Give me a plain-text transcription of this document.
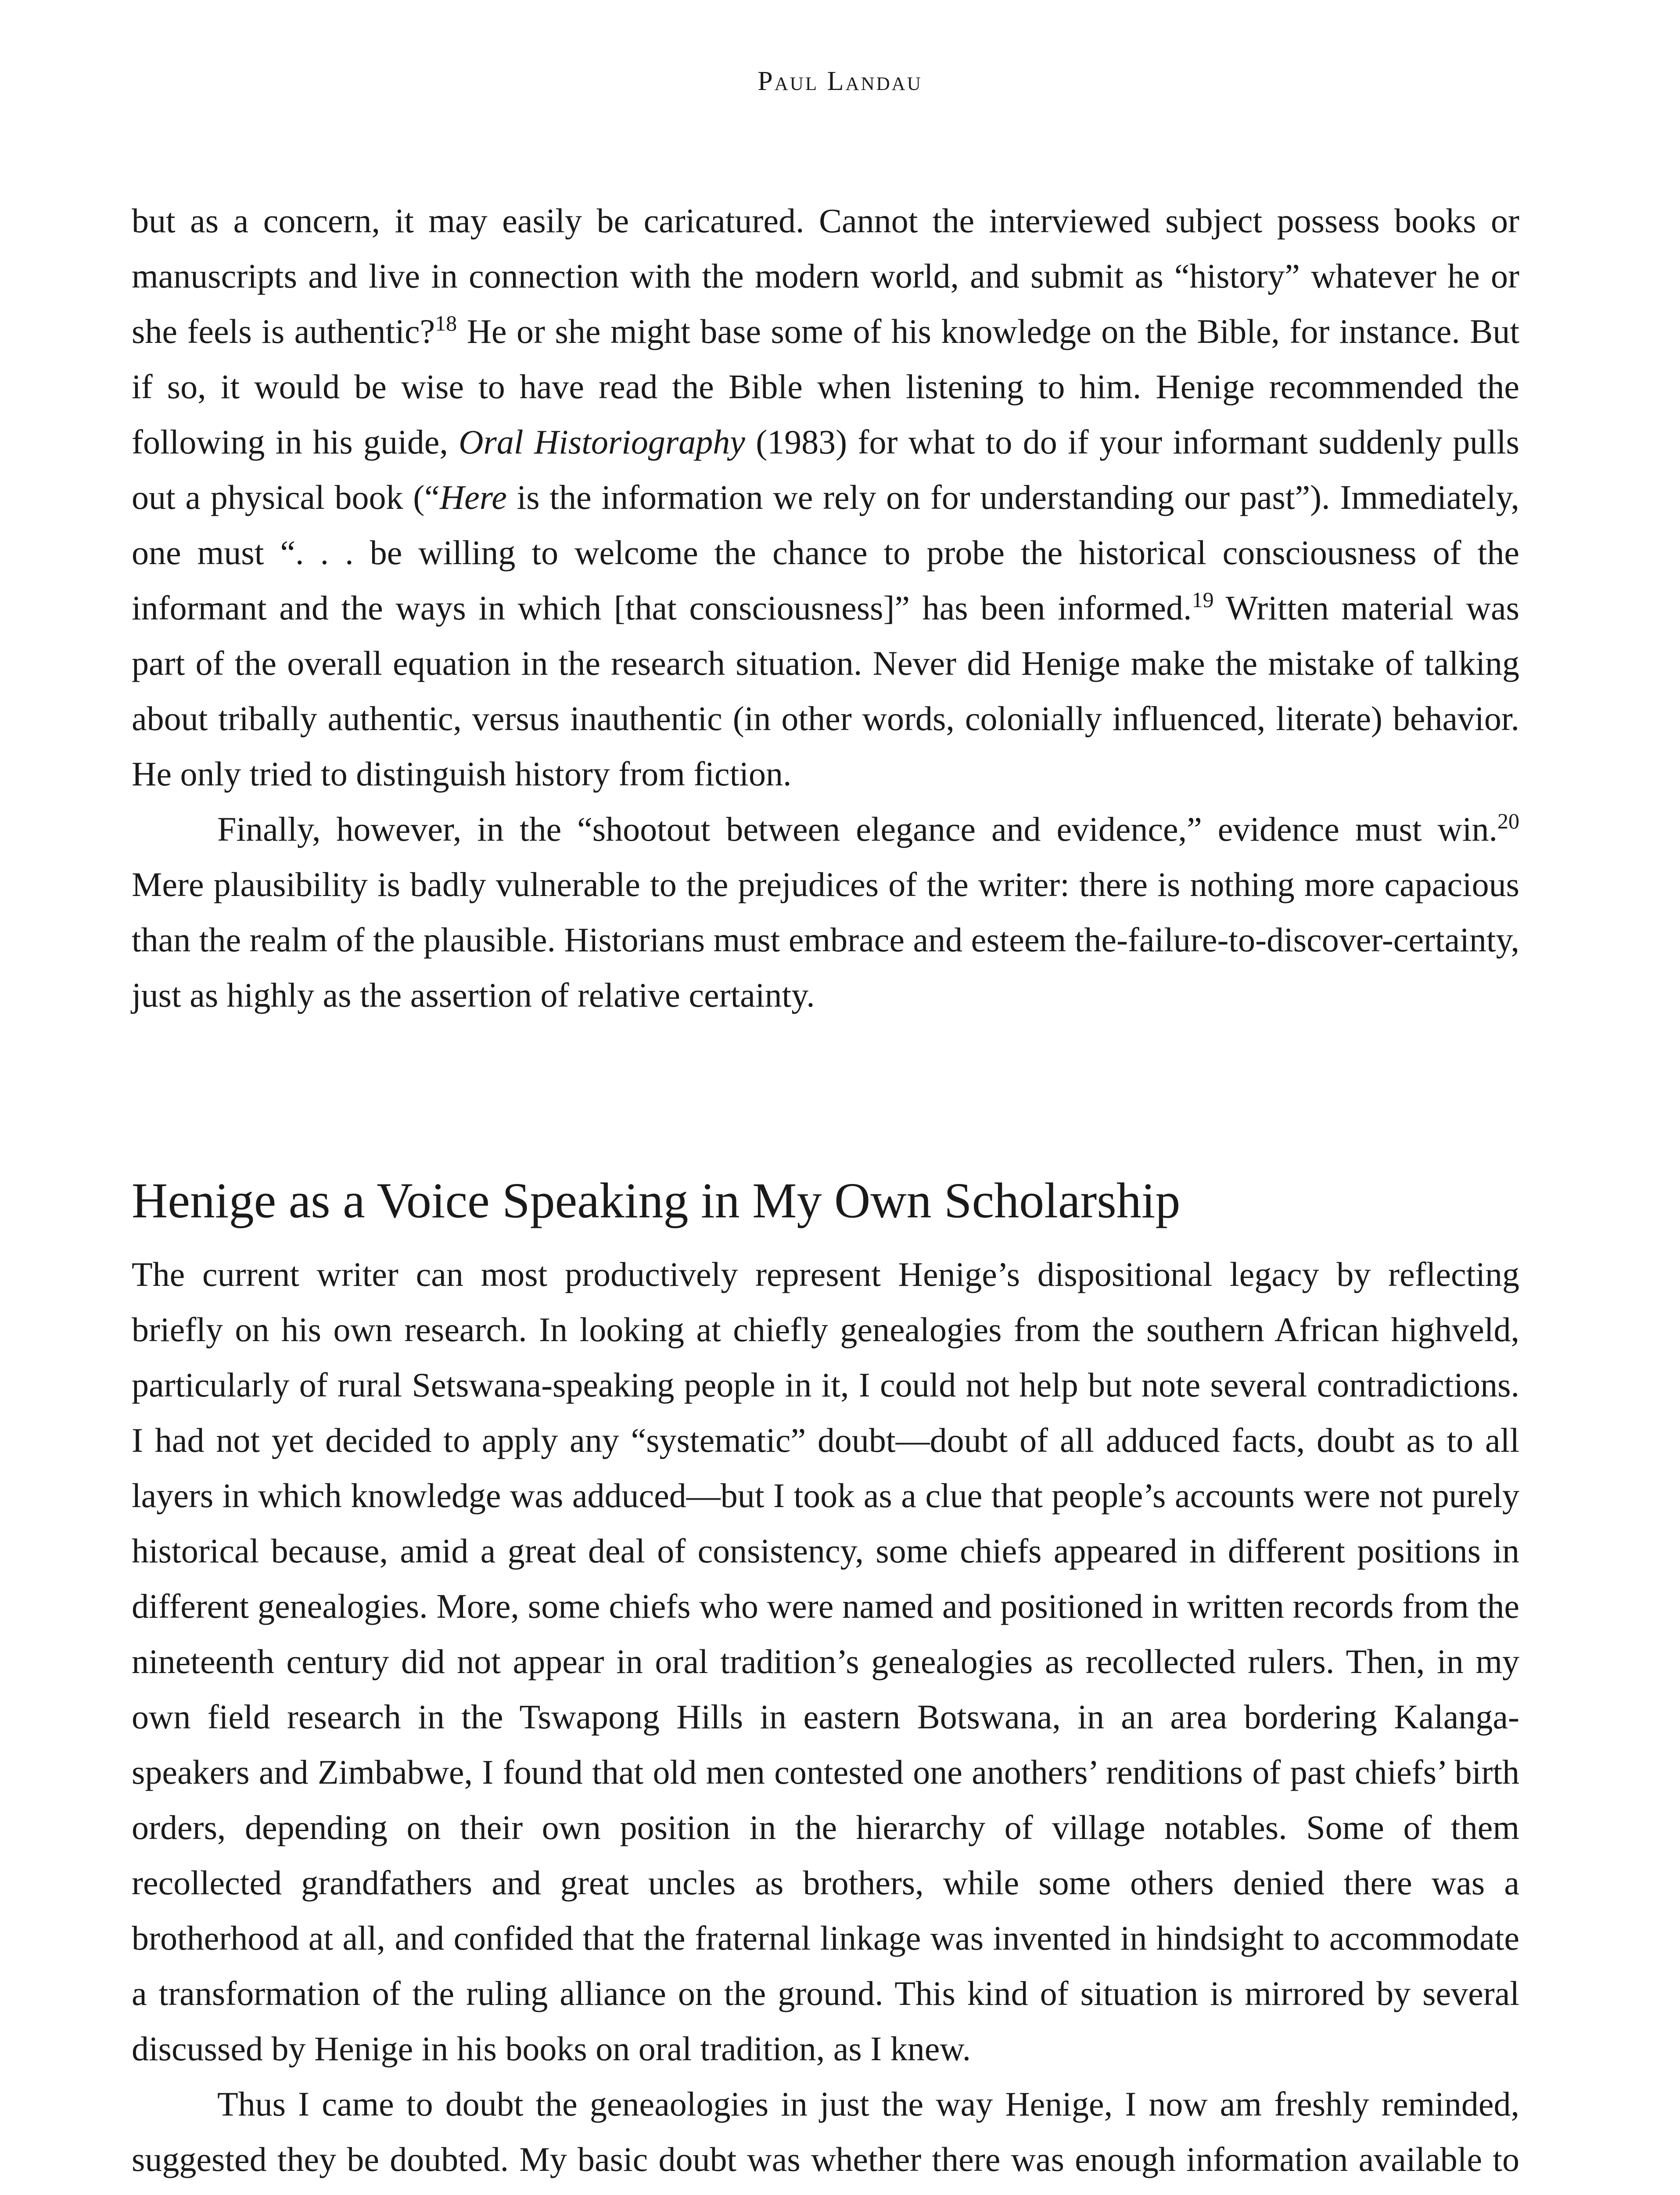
Paul Landau

but as a concern, it may easily be caricatured. Cannot the interviewed subject possess books or manuscripts and live in connection with the modern world, and submit as “history” whatever he or she feels is authentic?$^{18}$ He or she might base some of his knowledge on the Bible, for instance. But if so, it would be wise to have read the Bible when listening to him. Henige recommended the following in his guide, Oral Historiography (1983) for what to do if your informant suddenly pulls out a physical book (“Here is the information we rely on for understanding our past”). Immediately, one must “. . . be willing to welcome the chance to probe the historical consciousness of the informant and the ways in which [that consciousness]” has been informed.$^{19}$ Written material was part of the overall equation in the research situation. Never did Henige make the mistake of talking about tribally authentic, versus inauthentic (in other words, colonially influenced, literate) behavior. He only tried to distinguish history from fiction.

Finally, however, in the “shootout between elegance and evidence,” evidence must win.$^{20}$ Mere plausibility is badly vulnerable to the prejudices of the writer: there is nothing more capacious than the realm of the plausible. Historians must embrace and esteem the-failure-to-discover-certainty, just as highly as the assertion of relative certainty.

Henige as a Voice Speaking in My Own Scholarship

The current writer can most productively represent Henige’s dispositional legacy by reflecting briefly on his own research. In looking at chiefly genealogies from the southern African highveld, particularly of rural Setswana-speaking people in it, I could not help but note several contradictions. I had not yet decided to apply any “systematic” doubt—doubt of all adduced facts, doubt as to all layers in which knowledge was adduced—but I took as a clue that people’s accounts were not purely historical because, amid a great deal of consistency, some chiefs appeared in different positions in different genealogies. More, some chiefs who were named and positioned in written records from the nineteenth century did not appear in oral tradition’s genealogies as recollected rulers. Then, in my own field research in the Tswapong Hills in eastern Botswana, in an area bordering Kalanga-speakers and Zimbabwe, I found that old men contested one anothers’ renditions of past chiefs’ birth orders, depending on their own position in the hierarchy of village notables. Some of them recollected grandfathers and great uncles as brothers, while some others denied there was a brotherhood at all, and confided that the fraternal linkage was invented in hindsight to accommodate a transformation of the ruling alliance on the ground. This kind of situation is mirrored by several discussed by Henige in his books on oral tradition, as I knew.

Thus I came to doubt the geneaologies in just the way Henige, I now am freshly reminded, suggested they be doubted. My basic doubt was whether there was enough information available to
